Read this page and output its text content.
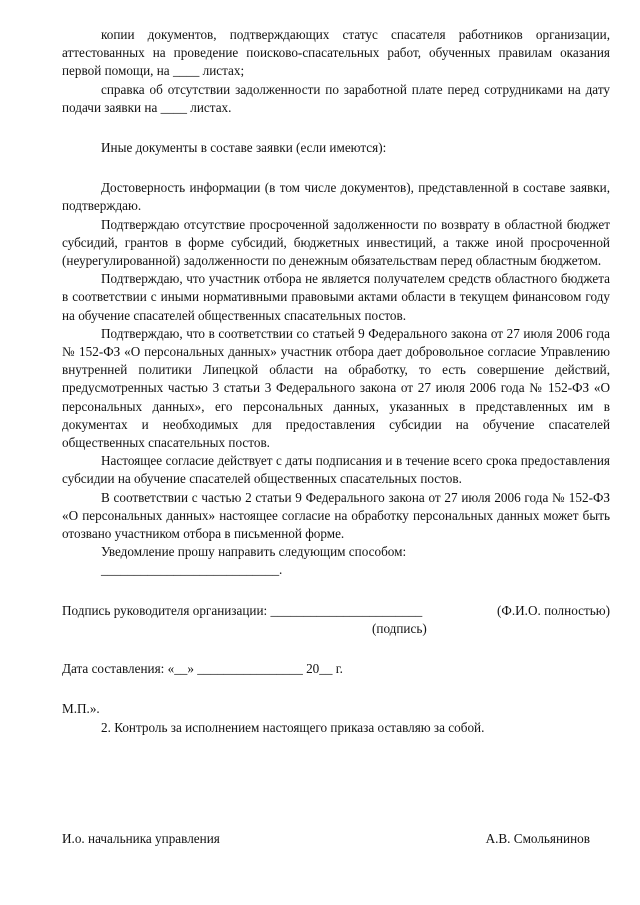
копии документов, подтверждающих статус спасателя работников организации, аттестованных на проведение поисково-спасательных работ, обученных правилам оказания первой помощи, на ____ листах;

справка об отсутствии задолженности по заработной плате перед сотрудниками на дату подачи заявки на ____ листах.

Иные документы в составе заявки (если имеются):

Достоверность информации (в том числе документов), представленной в составе заявки, подтверждаю.

Подтверждаю отсутствие просроченной задолженности по возврату в областной бюджет субсидий, грантов в форме субсидий, бюджетных инвестиций, а также иной просроченной (неурегулированной) задолженности по денежным обязательствам перед областным бюджетом.

Подтверждаю, что участник отбора не является получателем средств областного бюджета в соответствии с иными нормативными правовыми актами области в текущем финансовом году на обучение спасателей общественных спасательных постов.

Подтверждаю, что в соответствии со статьей 9 Федерального закона от 27 июля 2006 года № 152-ФЗ «О персональных данных» участник отбора дает добровольное согласие Управлению внутренней политики Липецкой области на обработку, то есть совершение действий, предусмотренных частью 3 статьи 3 Федерального закона от 27 июля 2006 года № 152-ФЗ «О персональных данных», его персональных данных, указанных в представленных им в документах и необходимых для предоставления субсидии на обучение спасателей общественных спасательных постов.

Настоящее согласие действует с даты подписания и в течение всего срока предоставления субсидии на обучение спасателей общественных спасательных постов.

В соответствии с частью 2 статьи 9 Федерального закона от 27 июля 2006 года № 152-ФЗ «О персональных данных» настоящее согласие на обработку персональных данных может быть отозвано участником отбора в письменной форме.

Уведомление прошу направить следующим способом:

___________________________.
Подпись руководителя организации: _______________________	(Ф.И.О. полностью)
(подпись)
Дата составления: «__» ________________ 20__ г.
М.П.».
2. Контроль за исполнением настоящего приказа оставляю за собой.
И.о. начальника управления	А.В. Смольянинов
